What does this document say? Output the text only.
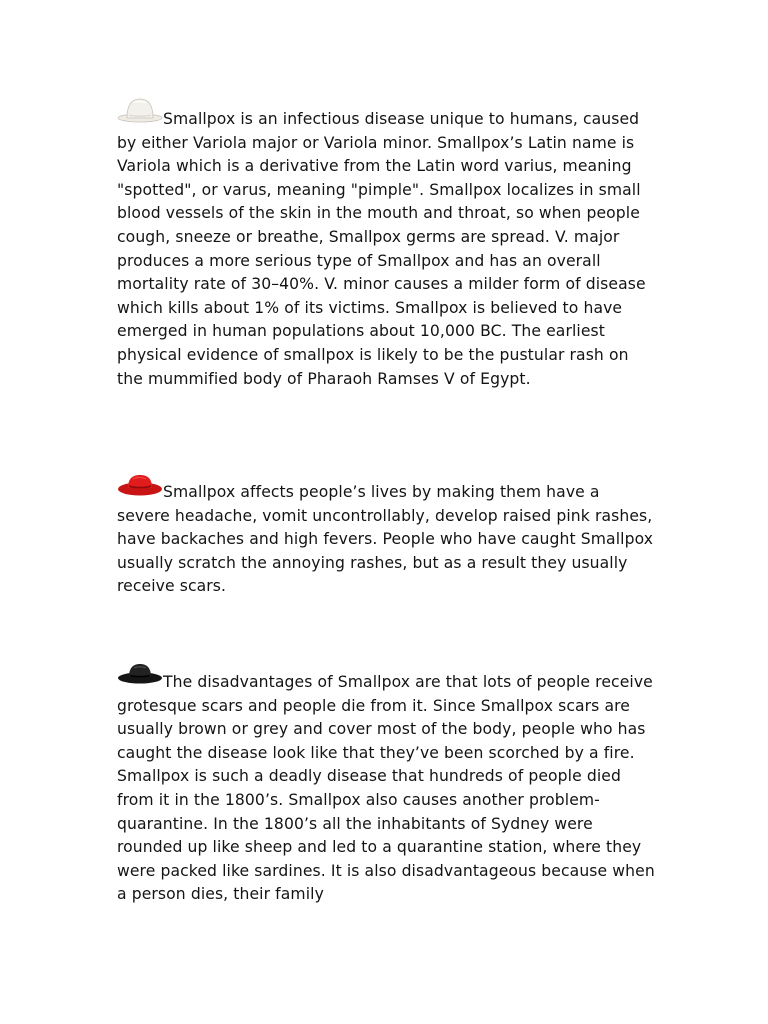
Smallpox is an infectious disease unique to humans, caused by either Variola major or Variola minor. Smallpox’s Latin name is Variola which is a derivative from the Latin word varius, meaning "spotted", or varus, meaning "pimple". Smallpox localizes in small blood vessels of the skin in the mouth and throat, so when people cough, sneeze or breathe, Smallpox germs are spread. V. major produces a more serious type of Smallpox and has an overall mortality rate of 30–40%. V. minor causes a milder form of disease which kills about 1% of its victims. Smallpox is believed to have emerged in human populations about 10,000 BC. The earliest physical evidence of smallpox is likely to be the pustular rash on the mummified body of Pharaoh Ramses V of Egypt.

Smallpox affects people’s lives by making them have a severe headache, vomit uncontrollably, develop raised pink rashes, have backaches and high fevers. People who have caught Smallpox usually scratch the annoying rashes, but as a result they usually receive scars.

The disadvantages of Smallpox are that lots of people receive grotesque scars and people die from it. Since Smallpox scars are usually brown or grey and cover most of the body, people who has caught the disease look like that they’ve been scorched by a fire. Smallpox is such a deadly disease that hundreds of people died from it in the 1800’s. Smallpox also causes another problem- quarantine. In the 1800’s all the inhabitants of Sydney were rounded up like sheep and led to a quarantine station, where they were packed like sardines. It is also disadvantageous because when a person dies, their family
